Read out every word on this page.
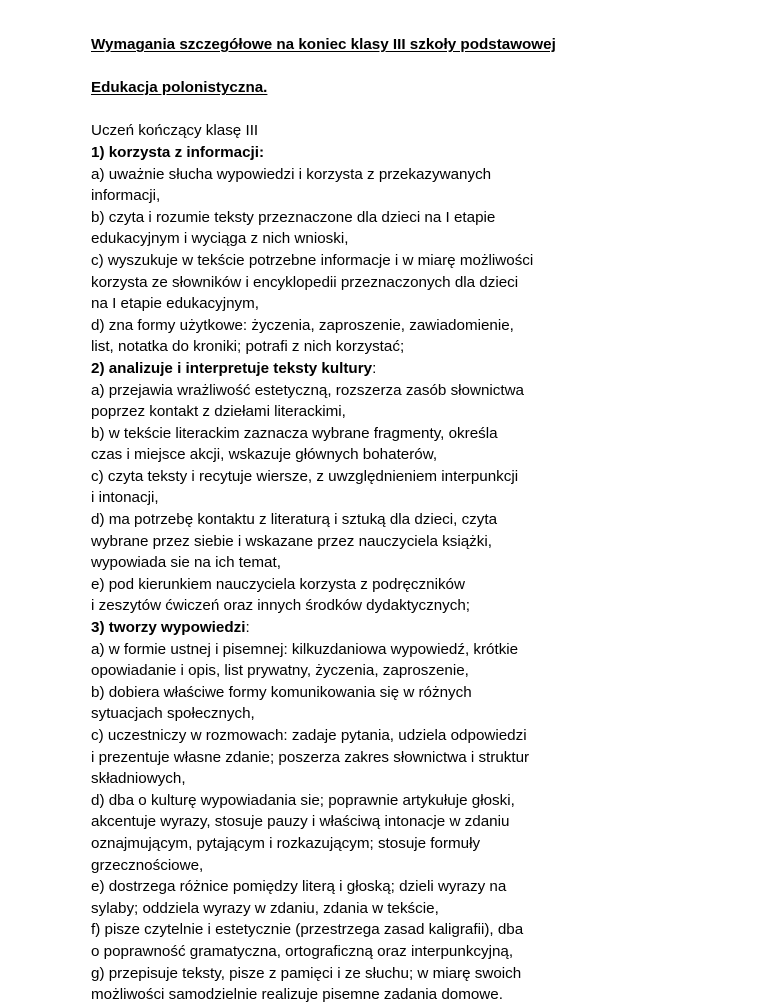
Wymagania szczegółowe na koniec klasy III szkoły podstawowej

Edukacja polonistyczna.

Uczeń kończący klasę III

1) korzysta z informacji:

a) uważnie słucha wypowiedzi i korzysta z przekazywanych

informacji,

b) czyta i rozumie teksty przeznaczone dla dzieci na I etapie

edukacyjnym i wyciąga z nich wnioski,

c) wyszukuje w tekście potrzebne informacje i w miarę możliwości

korzysta ze słowników i encyklopedii przeznaczonych dla dzieci

na I etapie edukacyjnym,

d) zna formy użytkowe: życzenia, zaproszenie, zawiadomienie,

list, notatka do kroniki; potrafi z nich korzystać;

2) analizuje i interpretuje teksty kultury:

a) przejawia wrażliwość estetyczną, rozszerza zasób słownictwa

poprzez kontakt z dziełami literackimi,

b) w tekście literackim zaznacza wybrane fragmenty, określa

czas i miejsce akcji, wskazuje głównych bohaterów,

c) czyta teksty i recytuje wiersze, z uwzględnieniem interpunkcji

i intonacji,

d) ma potrzebę kontaktu z literaturą i sztuką dla dzieci, czyta

wybrane przez siebie i wskazane przez nauczyciela książki,

wypowiada sie na ich temat,

e) pod kierunkiem nauczyciela korzysta z podręczników

i zeszytów ćwiczeń oraz innych środków dydaktycznych;

3) tworzy wypowiedzi:

a) w formie ustnej i pisemnej: kilkuzdaniowa wypowiedź, krótkie

opowiadanie i opis, list prywatny, życzenia, zaproszenie,

b) dobiera właściwe formy komunikowania się w różnych

sytuacjach społecznych,

c) uczestniczy w rozmowach: zadaje pytania, udziela odpowiedzi

i prezentuje własne zdanie; poszerza zakres słownictwa i struktur

składniowych,

d) dba o kulturę wypowiadania sie; poprawnie artykułuje głoski,

akcentuje wyrazy, stosuje pauzy i właściwą intonacje w zdaniu

oznajmującym, pytającym i rozkazującym; stosuje formuły

grzecznościowe,

e) dostrzega różnice pomiędzy literą i głoską; dzieli wyrazy na

sylaby; oddziela wyrazy w zdaniu, zdania w tekście,

f) pisze czytelnie i estetycznie (przestrzega zasad kaligrafii), dba

o poprawność gramatyczna, ortograficzną oraz interpunkcyjną,

g) przepisuje teksty, pisze z pamięci i ze słuchu; w miarę swoich

możliwości samodzielnie realizuje pisemne zadania domowe.
